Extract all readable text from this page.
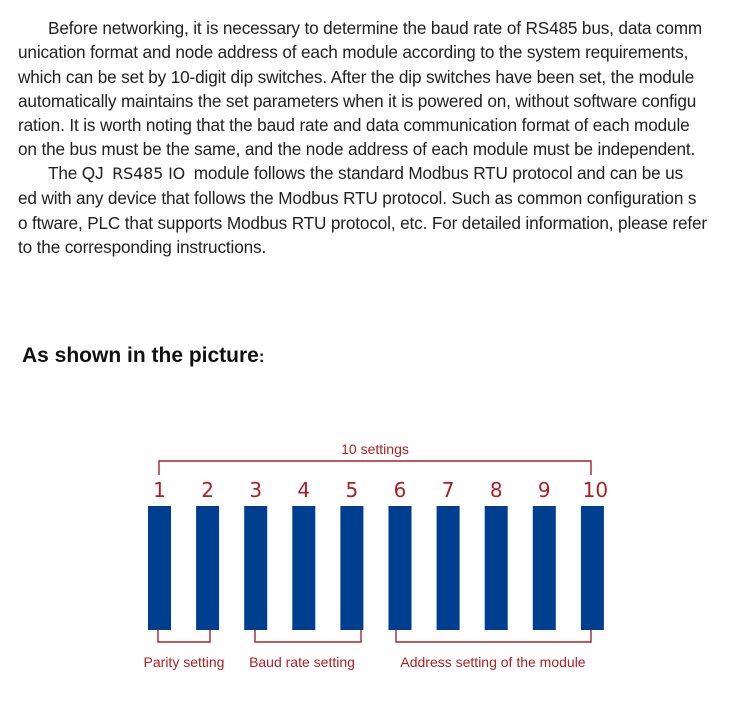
Before networking, it is necessary to determine the baud rate of RS485 bus, data comm
unication format and node address of each module according to the system requirements,
which can be set by 10-digit dip switches. After the dip switches have been set, the module
automatically maintains the set parameters when it is powered on, without software configu
ration. It is worth noting that the baud rate and data communication format of each module
on the bus must be the same, and the node address of each module must be independent.
The QJ RS485 IO module follows the standard Modbus RTU protocol and can be us
ed with any device that follows the Modbus RTU protocol. Such as common configuration s
o ftware, PLC that supports Modbus RTU protocol, etc. For detailed information, please refer
to the corresponding instructions.
As shown in the picture:
10 settings
1 2 3 4 5 6 7 8 9 10
Parity setting Baud rate setting	Address setting of the module
